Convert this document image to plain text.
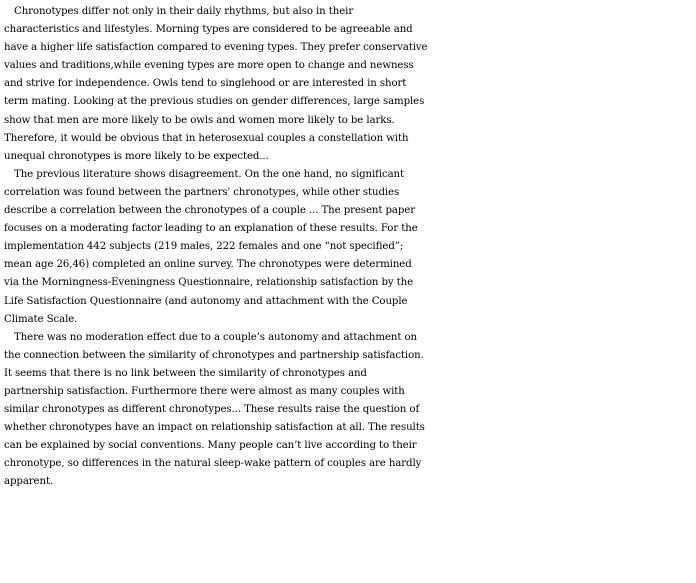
Chronotypes differ not only in their daily rhythms, but also in their
characteristics and lifestyles. Morning types are considered to be agreeable and
have a higher life satisfaction compared to evening types. They prefer conservative
values and traditions,while evening types are more open to change and newness
and strive for independence. Owls tend to singlehood or are interested in short
term mating. Looking at the previous studies on gender differences, large samples
show that men are more likely to be owls and women more likely to be larks.
Therefore, it would be obvious that in heterosexual couples a constellation with
unequal chronotypes is more likely to be expected...
The previous literature shows disagreement. On the one hand, no significant
correlation was found between the partners' chronotypes, while other studies
describe a correlation between the chronotypes of a couple ... The present paper
focuses on a moderating factor leading to an explanation of these results. For the
implementation 442 subjects (219 males, 222 females and one “not specified”;
mean age 26,46) completed an online survey. The chronotypes were determined
via the Morningness-Eveningness Questionnaire, relationship satisfaction by the
Life Satisfaction Questionnaire (and autonomy and attachment with the Couple
Climate Scale.
There was no moderation effect due to a couple’s autonomy and attachment on
the connection between the similarity of chronotypes and partnership satisfaction.
It seems that there is no link between the similarity of chronotypes and
partnership satisfaction. Furthermore there were almost as many couples with
similar chronotypes as different chronotypes... These results raise the question of
whether chronotypes have an impact on relationship satisfaction at all. The results
can be explained by social conventions. Many people can’t live according to their
chronotype, so differences in the natural sleep-wake pattern of couples are hardly
apparent.
